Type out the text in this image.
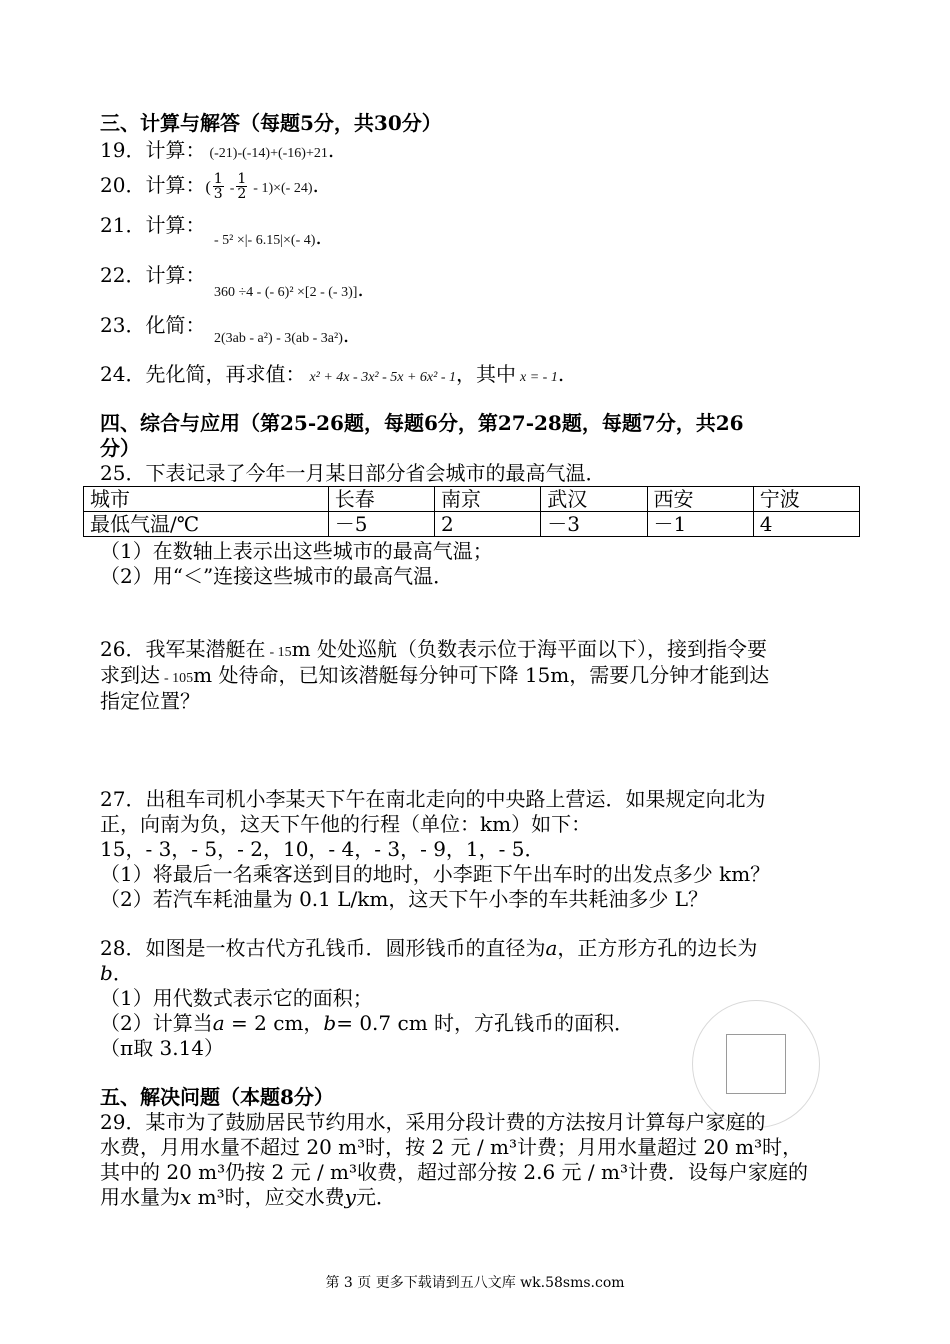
三、计算与解答（每题5分，共30分）
19．计算： (-21)-(-14)+(-16)+21.
20．计算：( $\frac{1}{3} - \frac{1}{2} - 1)\times(-$ 24).
21．计算：
- 5² ×|- 6.15|×(- 4).
22．计算：
360 ÷4 - (- 6)² ×[2 - (- 3)].
23．化简：
2(3ab - a²) - 3(ab - 3a²).
24．先化简，再求值： x² + 4x - 3x² - 5x + 6x² - 1，其中 x = - 1.
四、综合与应用（第25-26题，每题6分，第27-28题，每题7分，共26
分）
25．下表记录了今年一月某日部分省会城市的最高气温．
城市	长春	南京	武汉	西安	宁波
最低气温/℃	－5	2	－3	－1	4
（1）在数轴上表示出这些城市的最高气温；
（2）用“＜”连接这些城市的最高气温．
26．我军某潜艇在 - 15m 处处巡航（负数表示位于海平面以下），接到指令要
求到达 - 105m 处待命，已知该潜艇每分钟可下降 15m，需要几分钟才能到达
指定位置？
27．出租车司机小李某天下午在南北走向的中央路上营运．如果规定向北为
正，向南为负，这天下午他的行程（单位：km）如下：
15，- 3，- 5，- 2，10，- 4，- 3，- 9，1，- 5．
（1）将最后一名乘客送到目的地时，小李距下午出车时的出发点多少 km？
（2）若汽车耗油量为 0.1 L/km，这天下午小李的车共耗油多少 L？
28．如图是一枚古代方孔钱币．圆形钱币的直径为a，正方形方孔的边长为
b．
（1）用代数式表示它的面积；
（2）计算当a = 2 cm，b= 0.7 cm 时，方孔钱币的面积．
（π取 3.14）
五、解决问题（本题8分）
29．某市为了鼓励居民节约用水，采用分段计费的方法按月计算每户家庭的
水费，月用水量不超过 20 m³时，按 2 元 / m³计费；月用水量超过 20 m³时，
其中的 20 m³仍按 2 元 / m³收费，超过部分按 2.6 元 / m³计费．设每户家庭的
用水量为x m³时，应交水费y元．
第 3 页 更多下载请到五八文库 wk.58sms.com
